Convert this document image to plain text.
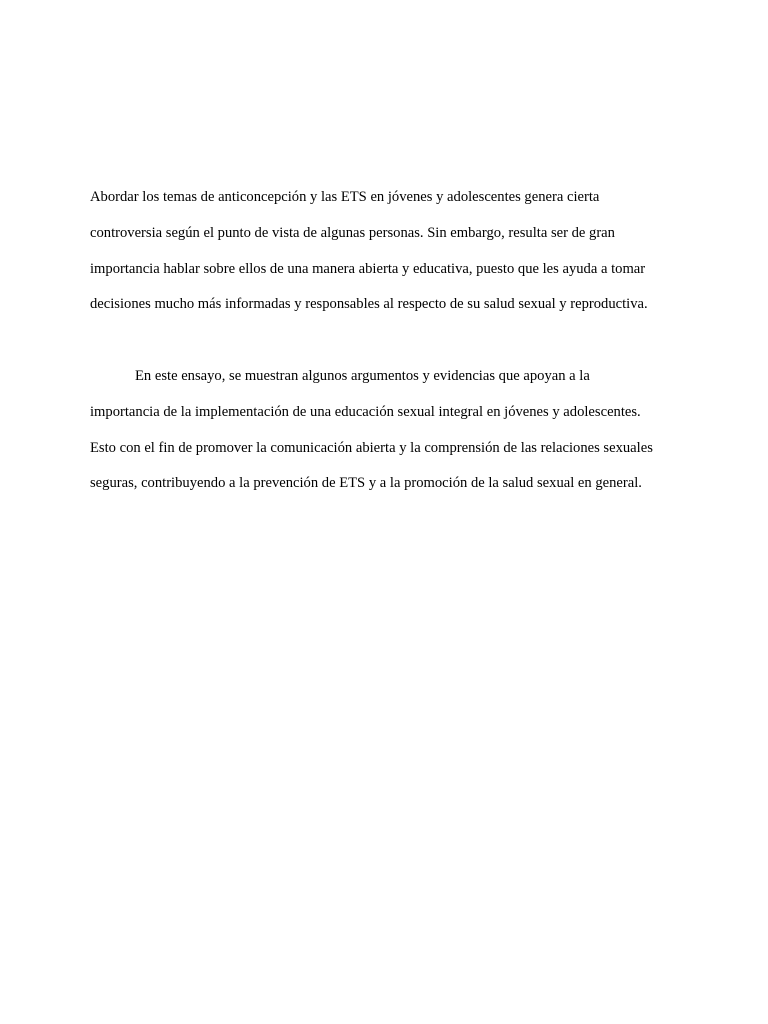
Abordar los temas de anticoncepción y las ETS en jóvenes y adolescentes genera cierta
controversia según el punto de vista de algunas personas. Sin embargo, resulta ser de gran
importancia hablar sobre ellos de una manera abierta y educativa, puesto que les ayuda a tomar
decisiones mucho más informadas y responsables al respecto de su salud sexual y reproductiva.
En este ensayo, se muestran algunos argumentos y evidencias que apoyan a la
importancia de la implementación de una educación sexual integral en jóvenes y adolescentes.
Esto con el fin de promover la comunicación abierta y la comprensión de las relaciones sexuales
seguras, contribuyendo a la prevención de ETS y a la promoción de la salud sexual en general.
